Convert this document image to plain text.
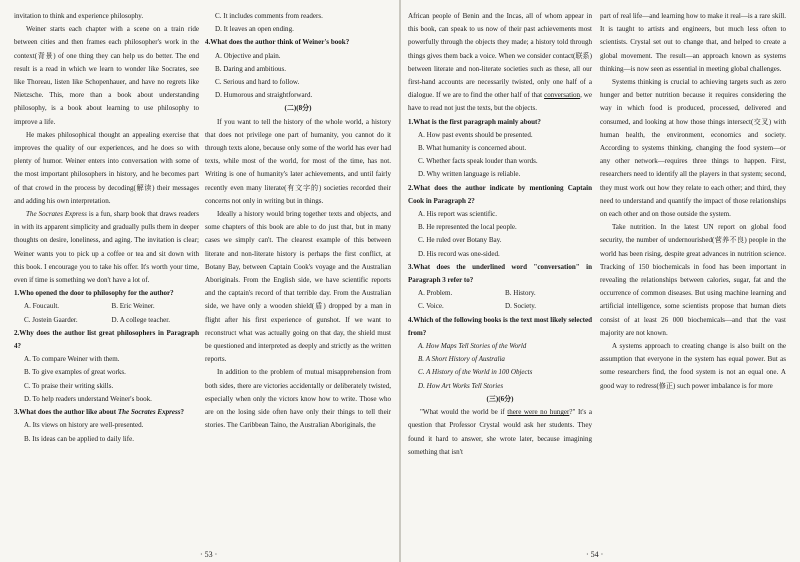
invitation to think and experience philosophy.

Weiner starts each chapter with a scene on a train ride between cities and then frames each philosopher's work in the context(背景) of one thing they can help us do better. The end result is a read in which we learn to wonder like Socrates, see like Thoreau, listen like Schopenhauer, and have no regrets like Nietzsche. This, more than a book about understanding philosophy, is a book about learning to use philosophy to improve a life.

He makes philosophical thought an appealing exercise that improves the quality of our experiences, and he does so with plenty of humor. Weiner enters into conversation with some of the most important philosophers in history, and he becomes part of that crowd in the process by decoding(解读) their messages and adding his own interpretation.

The Socrates Express is a fun, sharp book that draws readers in with its apparent simplicity and gradually pulls them in deeper thoughts on desire, loneliness, and aging. The invitation is clear; Weiner wants you to pick up a coffee or tea and sit down with this book. I encourage you to take his offer. It's worth your time, even if time is something we don't have a lot of.

1.Who opened the door to philosophy for the author?

A. Foucault.	B. Eric Weiner.
C. Jostein Gaarder.	D. A college teacher.

2.Why does the author list great philosophers in Paragraph 4?

A. To compare Weiner with them.

B. To give examples of great works.

C. To praise their writing skills.

D. To help readers understand Weiner's book.

3.What does the author like about The Socrates Express?

A. Its views on history are well-presented.

B. Its ideas can be applied to daily life.

C. It includes comments from readers.

D. It leaves an open ending.

4.What does the author think of Weiner's book?

A. Objective and plain.

B. Daring and ambitious.

C. Serious and hard to follow.

D. Humorous and straightforward.

(二)(8分)

If you want to tell the history of the whole world, a history that does not privilege one part of humanity, you cannot do it through texts alone, because only some of the world has ever had texts, while most of the world, for most of the time, has not. Writing is one of humanity's later achievements, and until fairly recently even many literate(有文字的) societies recorded their concerns not only in writing but in things.

Ideally a history would bring together texts and objects, and some chapters of this book are able to do just that, but in many cases we simply can't. The clearest example of this between literate and non-literate history is perhaps the first conflict, at Botany Bay, between Captain Cook's voyage and the Australian Aboriginals. From the English side, we have scientific reports and the captain's record of that terrible day. From the Australian side, we have only a wooden shield(盾) dropped by a man in flight after his first experience of gunshot. If we want to reconstruct what was actually going on that day, the shield must be questioned and interpreted as deeply and strictly as the written reports.

In addition to the problem of mutual misapprehension from both sides, there are victories accidentally or deliberately twisted, especially when only the victors know how to write. Those who are on the losing side often have only their things to tell their stories. The Caribbean Taino, the Australian Aboriginals, the

· 53 ·

African people of Benin and the Incas, all of whom appear in this book, can speak to us now of their past achievements most powerfully through the objects they made; a history told through things gives them back a voice. When we consider contact(联系) between literate and non-literate societies such as these, all our first-hand accounts are necessarily twisted, only one half of a dialogue. If we are to find the other half of that conversation, we have to read not just the texts, but the objects.

1.What is the first paragraph mainly about?

A. How past events should be presented.

B. What humanity is concerned about.

C. Whether facts speak louder than words.

D. Why written language is reliable.

2.What does the author indicate by mentioning Captain Cook in Paragraph 2?

A. His report was scientific.

B. He represented the local people.

C. He ruled over Botany Bay.

D. His record was one-sided.

3.What does the underlined word "conversation" in Paragraph 3 refer to?

A. Problem.	B. History.
C. Voice.	D. Society.

4.Which of the following books is the text most likely selected from?

A. How Maps Tell Stories of the World

B. A Short History of Australia

C. A History of the World in 100 Objects

D. How Art Works Tell Stories

(三)(6分)

"What would the world be if there were no hunger?" It's a question that Professor Crystal would ask her students. They found it hard to answer, she wrote later, because imagining something that isn't

part of real life—and learning how to make it real—is a rare skill. It is taught to artists and engineers, but much less often to scientists. Crystal set out to change that, and helped to create a global movement. The result—an approach known as systems thinking—is now seen as essential in meeting global challenges.

Systems thinking is crucial to achieving targets such as zero hunger and better nutrition because it requires considering the way in which food is produced, processed, delivered and consumed, and looking at how those things intersect(交叉) with human health, the environment, economics and society. According to systems thinking, changing the food system—or any other network—requires three things to happen. First, researchers need to identify all the players in that system; second, they must work out how they relate to each other; and third, they need to understand and quantify the impact of those relationships on each other and on those outside the system.

Take nutrition. In the latest UN report on global food security, the number of undernourished(营养不良) people in the world has been rising, despite great advances in nutrition science. Tracking of 150 biochemicals in food has been important in revealing the relationships between calories, sugar, fat and the occurrence of common diseases. But using machine learning and artificial intelligence, some scientists propose that human diets consist of at least 26 000 biochemicals—and that the vast majority are not known.

A systems approach to creating change is also built on the assumption that everyone in the system has equal power. But as some researchers find, the food system is not an equal one. A good way to redress(修正) such power imbalance is for more

· 54 ·
